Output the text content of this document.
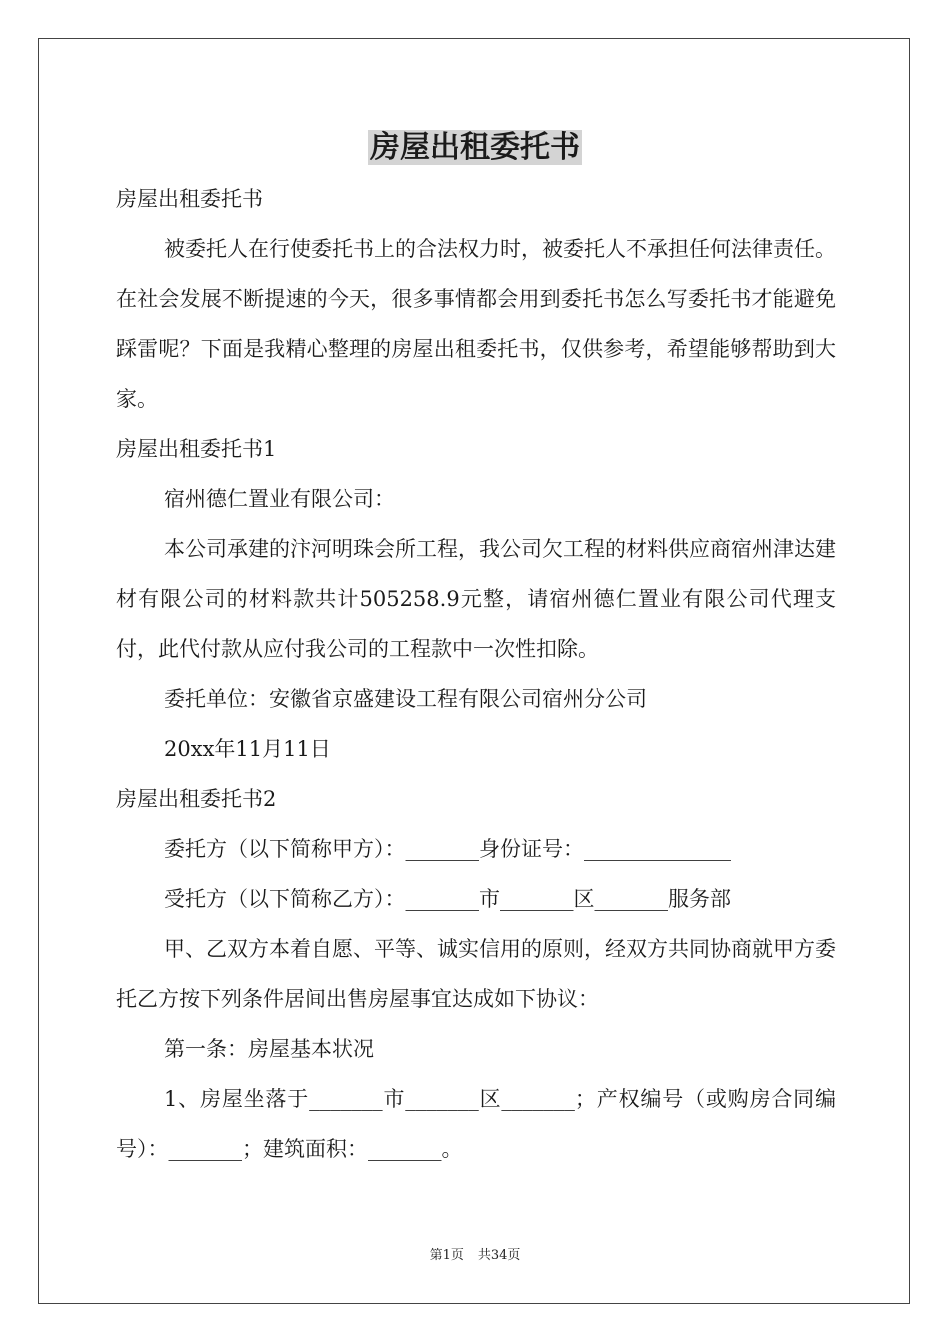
房屋出租委托书

房屋出租委托书

被委托人在行使委托书上的合法权力时，被委托人不承担任何法律责任。在社会发展不断提速的今天，很多事情都会用到委托书怎么写委托书才能避免踩雷呢？下面是我精心整理的房屋出租委托书，仅供参考，希望能够帮助到大家。

房屋出租委托书1

宿州德仁置业有限公司：

本公司承建的汴河明珠会所工程，我公司欠工程的材料供应商宿州津达建材有限公司的材料款共计505258.9元整，请宿州德仁置业有限公司代理支付，此代付款从应付我公司的工程款中一次性扣除。

委托单位：安徽省京盛建设工程有限公司宿州分公司

20xx年11月11日

房屋出租委托书2

委托方（以下简称甲方）：_______身份证号：______________

受托方（以下简称乙方）：_______市_______区_______服务部

甲、乙双方本着自愿、平等、诚实信用的原则，经双方共同协商就甲方委托乙方按下列条件居间出售房屋事宜达成如下协议：

第一条：房屋基本状况

1、房屋坐落于_______市_______区_______；产权编号（或购房合同编号）：_______；建筑面积：_______。

第1页 共34页
